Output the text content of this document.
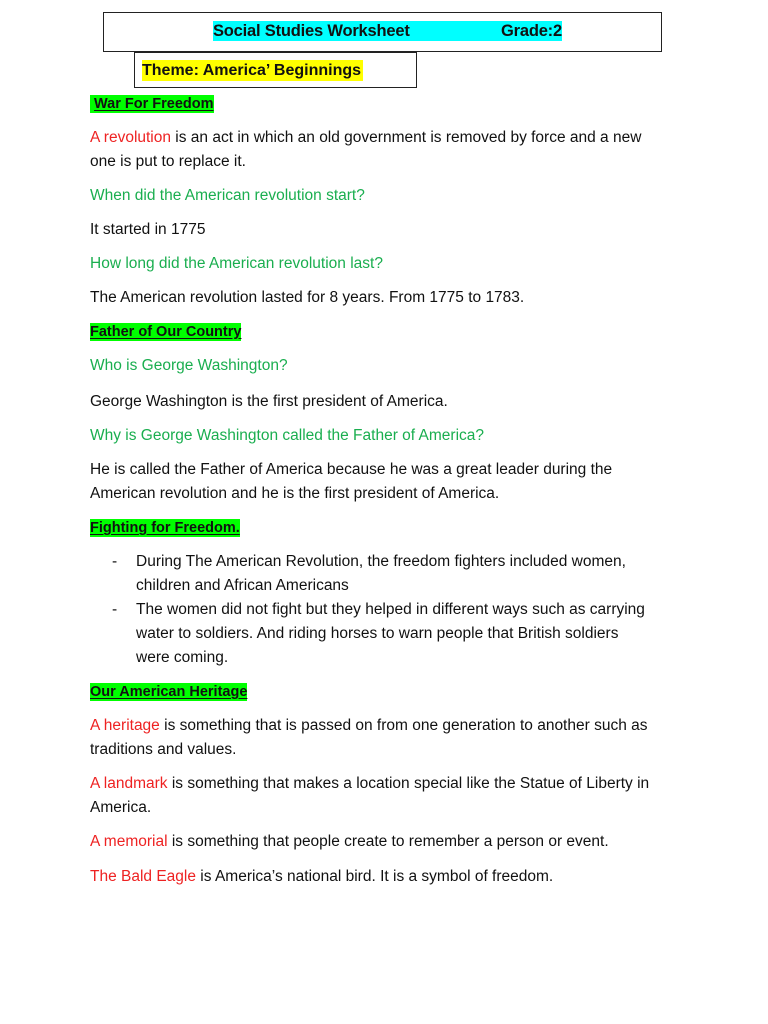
Social Studies Worksheet	Grade:2
Theme: America’ Beginnings
War For Freedom
A revolution is an act in which an old government is removed by force and a new
one is put to replace it.
When did the American revolution start?
It started in 1775
How long did the American revolution last?
The American revolution lasted for 8 years. From 1775 to 1783.
Father of Our Country
Who is George Washington?
George Washington is the first president of America.
Why is George Washington called the Father of America?
He is called the Father of America because he was a great leader during the
American revolution and he is the first president of America.
Fighting for Freedom.
- During The American Revolution, the freedom fighters included women,
children and African Americans
- The women did not fight but they helped in different ways such as carrying
water to soldiers. And riding horses to warn people that British soldiers
were coming.
Our American Heritage
A heritage is something that is passed on from one generation to another such as
traditions and values.
A landmark is something that makes a location special like the Statue of Liberty in
America.
A memorial is something that people create to remember a person or event.
The Bald Eagle is America’s national bird. It is a symbol of freedom.
